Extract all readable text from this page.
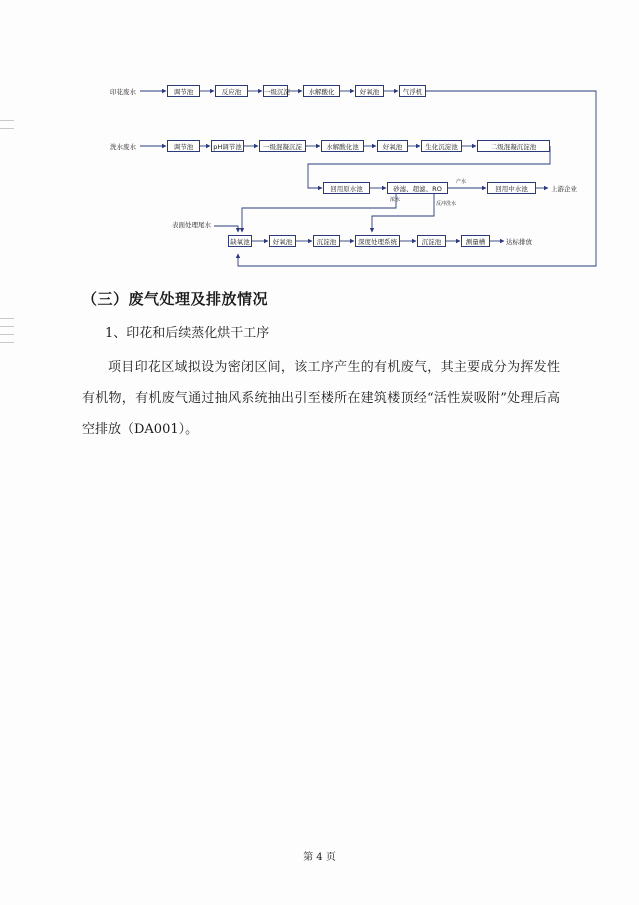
印花废水	调节池	反应池	一级沉淀	水解酸化	好氧池	气浮机
洗水废水	调节池	pH调节池	一级混凝沉淀	水解酸化池	好氧池	生化沉淀池	二级混凝沉淀池
回用原水池	砂滤、超滤、RO
产水
回用中水池	上游企业
浓水
反冲洗水
表面处理尾水
缺氧池	好氧池	沉淀池	深度处理系统	沉淀池	测量槽	达标排放
（三）废气处理及排放情况
1、印花和后续蒸化烘干工序
项目印花区域拟设为密闭区间，该工序产生的有机废气，其主要成分为挥发性有机物，有机废气通过抽风系统抽出引至楼所在建筑楼顶经“活性炭吸附”处理后高空排放（DA001）。
第 4 页
